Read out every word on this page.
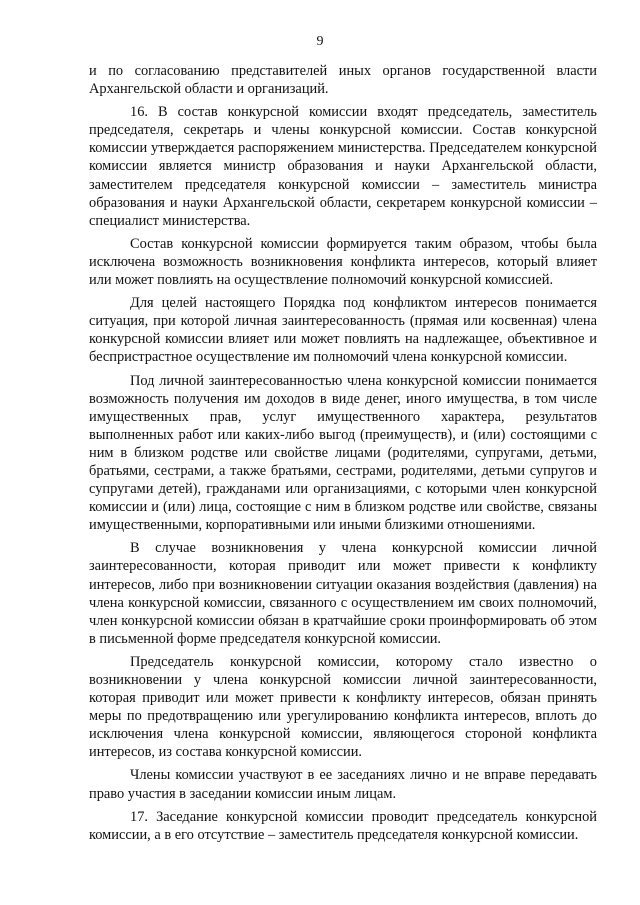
9

и по согласованию представителей иных органов государственной власти Архангельской области и организаций.

16. В состав конкурсной комиссии входят председатель, заместитель председателя, секретарь и члены конкурсной комиссии. Состав конкурсной комиссии утверждается распоряжением министерства. Председателем конкурсной комиссии является министр образования и науки Архангельской области, заместителем председателя конкурсной комиссии – заместитель министра образования и науки Архангельской области, секретарем конкурсной комиссии – специалист министерства.

Состав конкурсной комиссии формируется таким образом, чтобы была исключена возможность возникновения конфликта интересов, который влияет или может повлиять на осуществление полномочий конкурсной комиссией.

Для целей настоящего Порядка под конфликтом интересов понимается ситуация, при которой личная заинтересованность (прямая или косвенная) члена конкурсной комиссии влияет или может повлиять на надлежащее, объективное и беспристрастное осуществление им полномочий члена конкурсной комиссии.

Под личной заинтересованностью члена конкурсной комиссии понимается возможность получения им доходов в виде денег, иного имущества, в том числе имущественных прав, услуг имущественного характера, результатов выполненных работ или каких-либо выгод (преимуществ), и (или) состоящими с ним в близком родстве или свойстве лицами (родителями, супругами, детьми, братьями, сестрами, а также братьями, сестрами, родителями, детьми супругов и супругами детей), гражданами или организациями, с которыми член конкурсной комиссии и (или) лица, состоящие с ним в близком родстве или свойстве, связаны имущественными, корпоративными или иными близкими отношениями.

В случае возникновения у члена конкурсной комиссии личной заинтересованности, которая приводит или может привести к конфликту интересов, либо при возникновении ситуации оказания воздействия (давления) на члена конкурсной комиссии, связанного с осуществлением им своих полномочий, член конкурсной комиссии обязан в кратчайшие сроки проинформировать об этом в письменной форме председателя конкурсной комиссии.

Председатель конкурсной комиссии, которому стало известно о возникновении у члена конкурсной комиссии личной заинтересованности, которая приводит или может привести к конфликту интересов, обязан принять меры по предотвращению или урегулированию конфликта интересов, вплоть до исключения члена конкурсной комиссии, являющегося стороной конфликта интересов, из состава конкурсной комиссии.

Члены комиссии участвуют в ее заседаниях лично и не вправе передавать право участия в заседании комиссии иным лицам.

17. Заседание конкурсной комиссии проводит председатель конкурсной комиссии, а в его отсутствие – заместитель председателя конкурсной комиссии.
